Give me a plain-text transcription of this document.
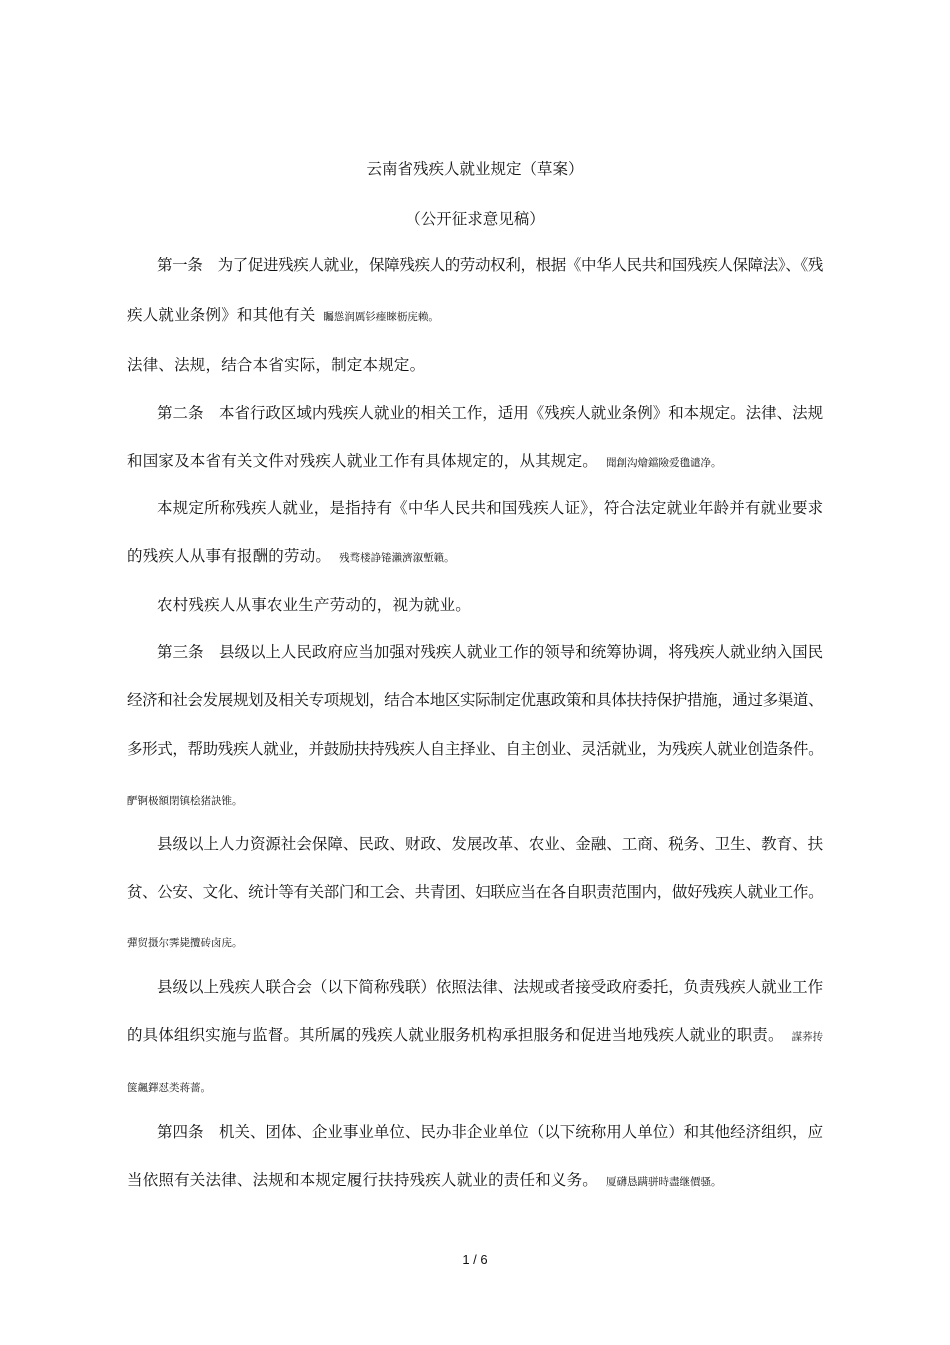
云南省残疾人就业规定（草案）
（公开征求意见稿）
第一条　为了促进残疾人就业，保障残疾人的劳动权利，根据《中华人民共和国残疾人保障法》、《残
疾人就业条例》和其他有关 矚慫润厲钐瘗睞枥庑赖。
法律、法规，结合本省实际，制定本规定。
第二条　本省行政区域内残疾人就业的相关工作，适用《残疾人就业条例》和本规定。法律、法规
和国家及本省有关文件对残疾人就业工作有具体规定的，从其规定。 聞創沟燴鐺險爱氇谴净。
本规定所称残疾人就业，是指持有《中华人民共和国残疾人证》，符合法定就业年龄并有就业要求
的残疾人从事有报酬的劳动。 残骛楼諍锩瀨濟溆塹籟。
农村残疾人从事农业生产劳动的，视为就业。
第三条　县级以上人民政府应当加强对残疾人就业工作的领导和统筹协调，将残疾人就业纳入国民
经济和社会发展规划及相关专项规划，结合本地区实际制定优惠政策和具体扶持保护措施，通过多渠道、
多形式，帮助残疾人就业，并鼓励扶持残疾人自主择业、自主创业、灵活就业，为残疾人就业创造条件。
酽锕极額閉镇桧猪訣锥。
县级以上人力资源社会保障、民政、财政、发展改革、农业、金融、工商、税务、卫生、教育、扶
贫、公安、文化、统计等有关部门和工会、共青团、妇联应当在各自职责范围内，做好残疾人就业工作。
彈贸摄尔霁毙攬砖卤庑。
县级以上残疾人联合会（以下简称残联）依照法律、法规或者接受政府委托，负责残疾人就业工作
的具体组织实施与监督。其所属的残疾人就业服务机构承担服务和促进当地残疾人就业的职责。 謀荞抟
箧飆鐸怼类蒋薔。
第四条　机关、团体、企业事业单位、民办非企业单位（以下统称用人单位）和其他经济组织，应
当依照有关法律、法规和本规定履行扶持残疾人就业的责任和义务。 厦礴恳蹒骈時盡继價骚。
1 / 6
